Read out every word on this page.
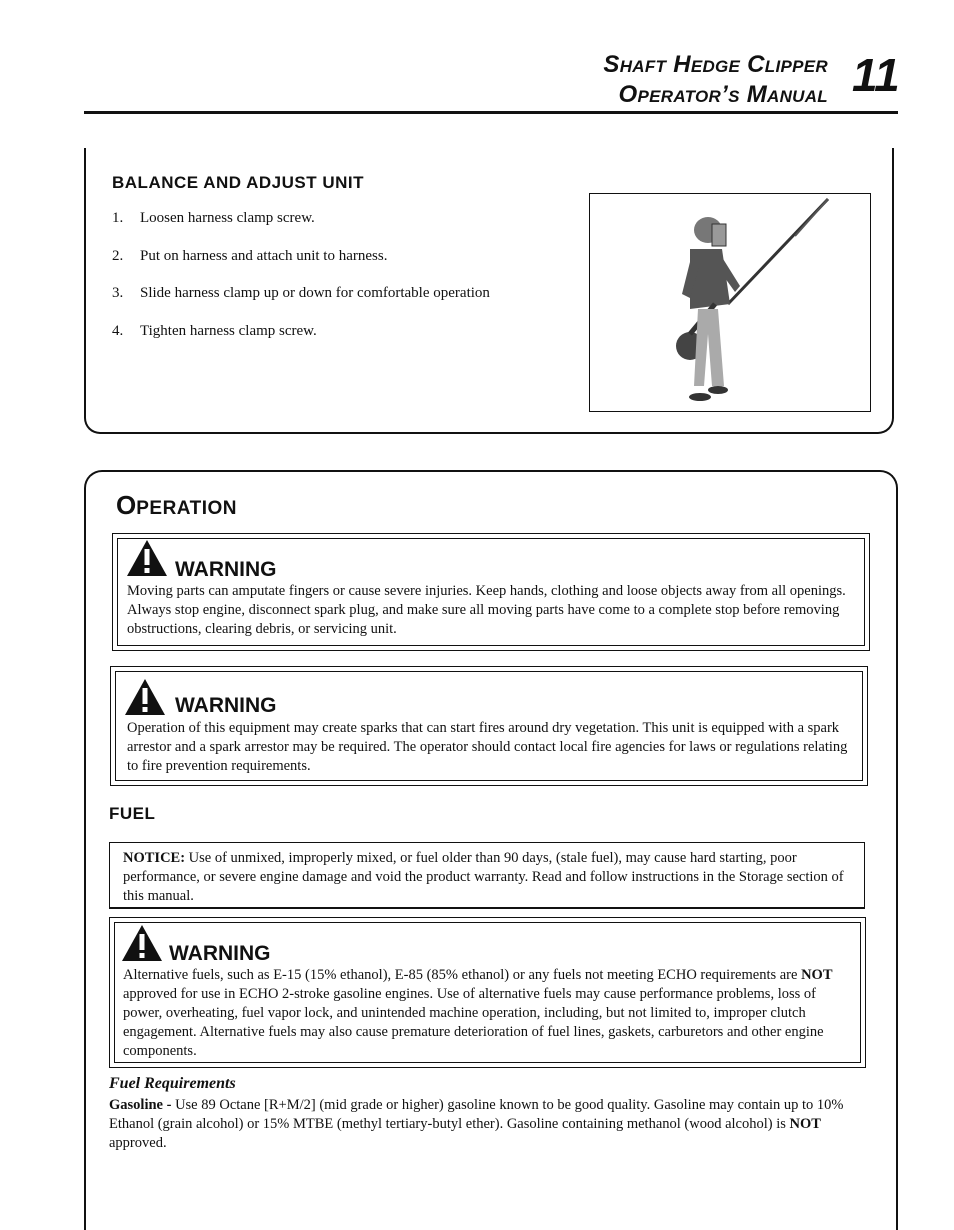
Shaft Hedge Clipper
Operator’s Manual 11
BALANCE AND ADJUST UNIT
1.	Loosen harness clamp screw.
2.	Put on harness and attach unit to harness.
3.	Slide harness clamp up or down for comfortable operation
4.	Tighten harness clamp screw.
OPERATION
WARNING
Moving parts can amputate fingers or cause severe injuries. Keep hands, clothing and loose objects away from all openings. Always stop engine, disconnect spark plug, and make sure all moving parts have come to a complete stop before removing obstructions, clearing debris, or servicing unit.
WARNING
Operation of this equipment may create sparks that can start fires around dry vegetation. This unit is equipped with a spark arrestor and a spark arrestor may be required. The operator should contact local fire agencies for laws or regulations relating to fire prevention requirements.
FUEL
NOTICE: Use of unmixed, improperly mixed, or fuel older than 90 days, (stale fuel), may cause hard starting, poor performance, or severe engine damage and void the product warranty. Read and follow instructions in the Storage section of this manual.
WARNING
Alternative fuels, such as E-15 (15% ethanol), E-85 (85% ethanol) or any fuels not meeting ECHO requirements are NOT approved for use in ECHO 2-stroke gasoline engines. Use of alternative fuels may cause performance problems, loss of power, overheating, fuel vapor lock, and unintended machine operation, including, but not limited to, improper clutch engagement. Alternative fuels may also cause premature deterioration of fuel lines, gaskets, carburetors and other engine components.
Fuel Requirements
Gasoline - Use 89 Octane [R+M/2] (mid grade or higher) gasoline known to be good quality. Gasoline may contain up to 10% Ethanol (grain alcohol) or 15% MTBE (methyl tertiary-butyl ether). Gasoline containing methanol (wood alcohol) is NOT approved.
